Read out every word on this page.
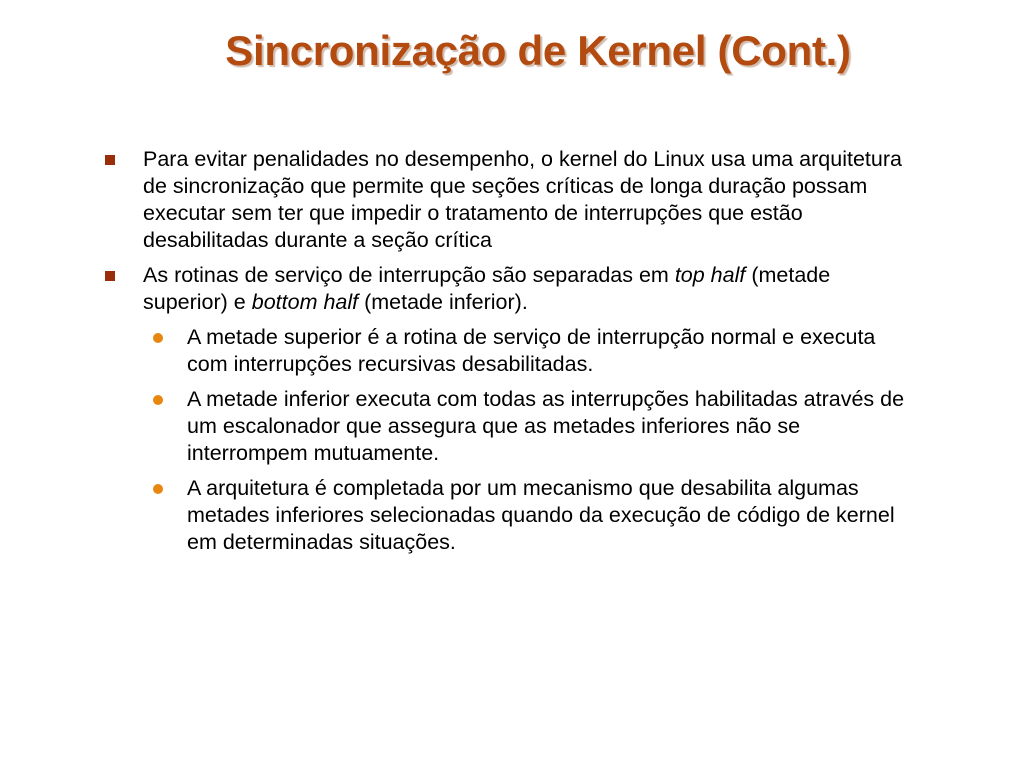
Sincronização de Kernel (Cont.)
Para evitar penalidades no desempenho, o kernel do Linux usa uma arquitetura de sincronização que permite que seções críticas de longa duração possam executar sem ter que impedir o tratamento de interrupções que estão desabilitadas durante a seção crítica
As rotinas de serviço de interrupção são separadas em top half (metade superior) e bottom half (metade inferior).
A metade superior é a rotina de serviço de interrupção normal e executa com interrupções recursivas desabilitadas.
A metade inferior executa com todas as interrupções habilitadas através de um escalonador que assegura que as metades inferiores não se interrompem mutuamente.
A arquitetura é completada por um mecanismo que desabilita algumas metades inferiores selecionadas quando da execução de código de kernel em determinadas situações.
